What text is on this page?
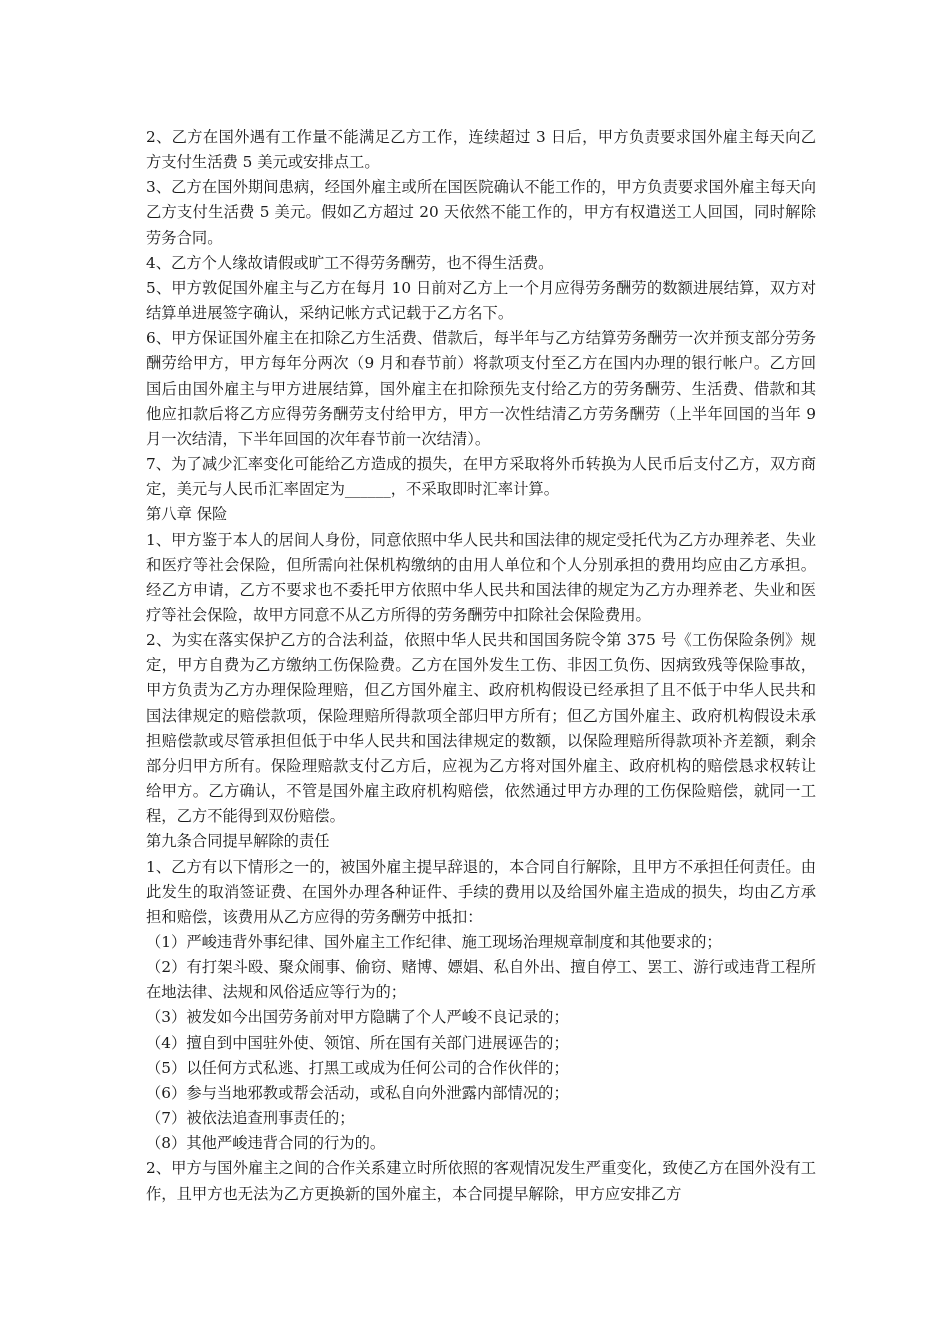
2、乙方在国外遇有工作量不能满足乙方工作，连续超过 3 日后，甲方负责要求国外雇主每天向乙方支付生活费 5 美元或安排点工。

3、乙方在国外期间患病，经国外雇主或所在国医院确认不能工作的，甲方负责要求国外雇主每天向乙方支付生活费 5 美元。假如乙方超过 20 天依然不能工作的，甲方有权遣送工人回国，同时解除劳务合同。

4、乙方个人缘故请假或旷工不得劳务酬劳，也不得生活费。

5、甲方敦促国外雇主与乙方在每月 10 日前对乙方上一个月应得劳务酬劳的数额进展结算，双方对结算单进展签字确认，采纳记帐方式记载于乙方名下。

6、甲方保证国外雇主在扣除乙方生活费、借款后，每半年与乙方结算劳务酬劳一次并预支部分劳务酬劳给甲方，甲方每年分两次（9 月和春节前）将款项支付至乙方在国内办理的银行帐户。乙方回国后由国外雇主与甲方进展结算，国外雇主在扣除预先支付给乙方的劳务酬劳、生活费、借款和其他应扣款后将乙方应得劳务酬劳支付给甲方，甲方一次性结清乙方劳务酬劳（上半年回国的当年 9 月一次结清，下半年回国的次年春节前一次结清）。

7、为了减少汇率变化可能给乙方造成的损失，在甲方采取将外币转换为人民币后支付乙方，双方商定，美元与人民币汇率固定为______，不采取即时汇率计算。

第八章 保险

1、甲方鉴于本人的居间人身份，同意依照中华人民共和国法律的规定受托代为乙方办理养老、失业和医疗等社会保险，但所需向社保机构缴纳的由用人单位和个人分别承担的费用均应由乙方承担。经乙方申请，乙方不要求也不委托甲方依照中华人民共和国法律的规定为乙方办理养老、失业和医疗等社会保险，故甲方同意不从乙方所得的劳务酬劳中扣除社会保险费用。

2、为实在落实保护乙方的合法利益，依照中华人民共和国国务院令第 375 号《工伤保险条例》规定，甲方自费为乙方缴纳工伤保险费。乙方在国外发生工伤、非因工负伤、因病致残等保险事故，甲方负责为乙方办理保险理赔，但乙方国外雇主、政府机构假设已经承担了且不低于中华人民共和国法律规定的赔偿款项，保险理赔所得款项全部归甲方所有；但乙方国外雇主、政府机构假设未承担赔偿款或尽管承担但低于中华人民共和国法律规定的数额，以保险理赔所得款项补齐差额，剩余部分归甲方所有。保险理赔款支付乙方后，应视为乙方将对国外雇主、政府机构的赔偿恳求权转让给甲方。乙方确认，不管是国外雇主政府机构赔偿，依然通过甲方办理的工伤保险赔偿，就同一工程，乙方不能得到双份赔偿。

第九条合同提早解除的责任

1、乙方有以下情形之一的，被国外雇主提早辞退的，本合同自行解除，且甲方不承担任何责任。由此发生的取消签证费、在国外办理各种证件、手续的费用以及给国外雇主造成的损失，均由乙方承担和赔偿，该费用从乙方应得的劳务酬劳中抵扣：

（1）严峻违背外事纪律、国外雇主工作纪律、施工现场治理规章制度和其他要求的；

（2）有打架斗殴、聚众闹事、偷窃、赌博、嫖娼、私自外出、擅自停工、罢工、游行或违背工程所在地法律、法规和风俗适应等行为的；

（3）被发如今出国劳务前对甲方隐瞒了个人严峻不良记录的；

（4）擅自到中国驻外使、领馆、所在国有关部门进展诬告的；

（5）以任何方式私逃、打黑工或成为任何公司的合作伙伴的；

（6）参与当地邪教或帮会活动，或私自向外泄露内部情况的；

（7）被依法追查刑事责任的；

（8）其他严峻违背合同的行为的。

2、甲方与国外雇主之间的合作关系建立时所依照的客观情况发生严重变化，致使乙方在国外没有工作，且甲方也无法为乙方更换新的国外雇主，本合同提早解除，甲方应安排乙方
